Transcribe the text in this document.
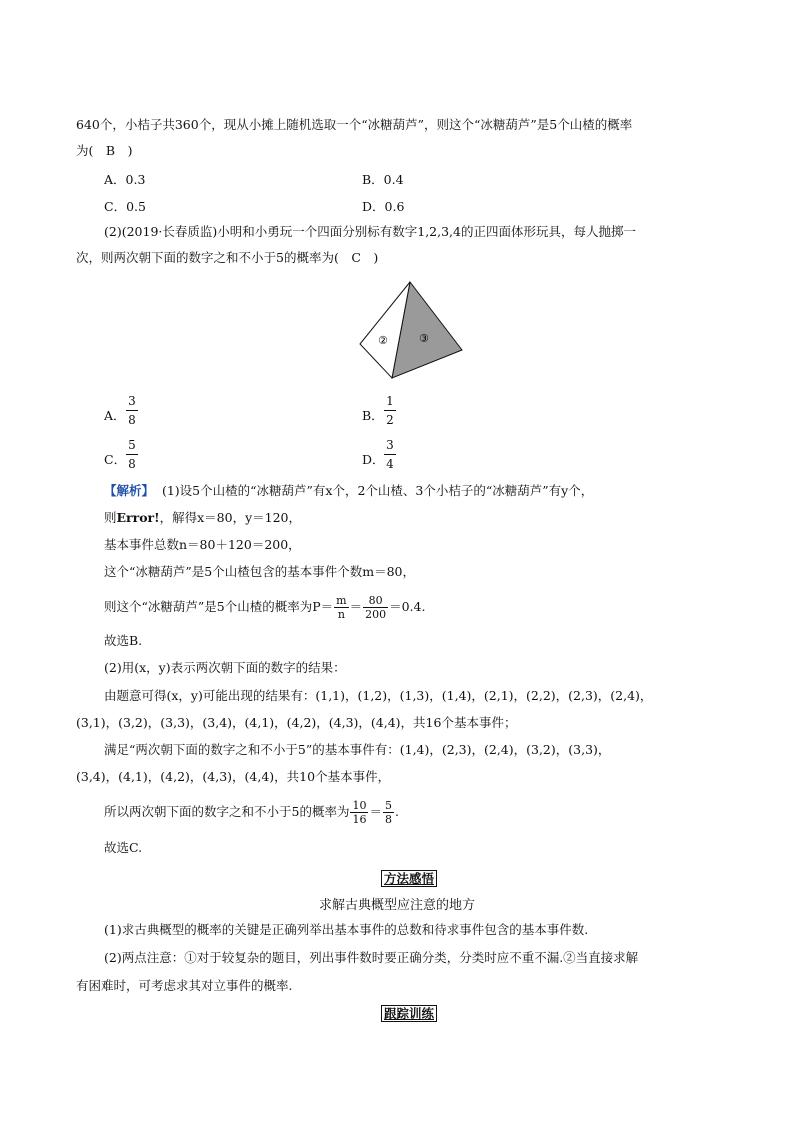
640个，小桔子共360个，现从小摊上随机选取一个“冰糖葫芦”，则这个“冰糖葫芦”是5个山楂的概率
为(　B　)
A．0.3	B．0.4
C．0.5	D．0.6
(2)(2019·长春质监)小明和小勇玩一个四面分别标有数字1,2,3,4的正四面体形玩具，每人抛掷一
次，则两次朝下面的数字之和不小于5的概率为(　C　)
②	③
A． $\frac{3}{8}$	B． $\frac{1}{2}$
C． $\frac{5}{8}$	D． $\frac{3}{4}$
【解析】 (1)设5个山楂的“冰糖葫芦”有x个，2个山楂、3个小桔子的“冰糖葫芦”有y个，
则Error!，解得x＝80，y＝120，
基本事件总数n＝80＋120＝200，
这个“冰糖葫芦”是5个山楂包含的基本事件个数m＝80，
则这个“冰糖葫芦”是5个山楂的概率为$P= \frac{m}{n} = \frac{80}{200} =0.4$.
故选B.
(2)用(x，y)表示两次朝下面的数字的结果：
由题意可得(x，y)可能出现的结果有：(1,1)，(1,2)，(1,3)，(1,4)，(2,1)，(2,2)，(2,3)，(2,4)，
(3,1)，(3,2)，(3,3)，(3,4)，(4,1)，(4,2)，(4,3)，(4,4)，共16个基本事件；
满足“两次朝下面的数字之和不小于5”的基本事件有：(1,4)，(2,3)，(2,4)，(3,2)，(3,3)，
(3,4)，(4,1)，(4,2)，(4,3)，(4,4)，共10个基本事件，
所以两次朝下面的数字之和不小于5的概率为 $\frac{10}{16} = \frac{5}{8}$ .
故选C.
方法感悟
求解古典概型应注意的地方
(1)求古典概型的概率的关键是正确列举出基本事件的总数和待求事件包含的基本事件数.
(2)两点注意：①对于较复杂的题目，列出事件数时要正确分类，分类时应不重不漏.②当直接求解
有困难时，可考虑求其对立事件的概率.
跟踪训练
